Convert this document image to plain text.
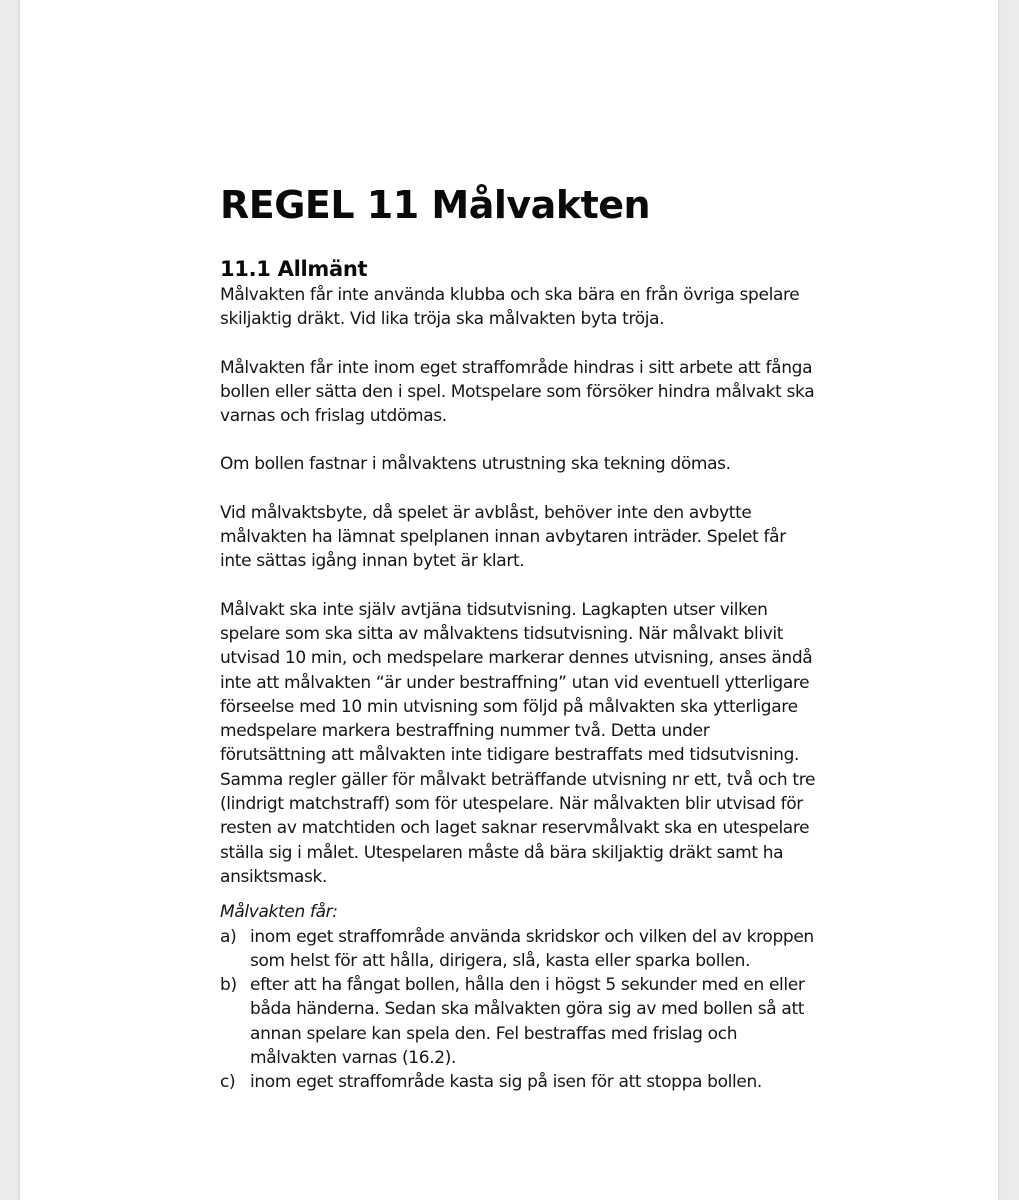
REGEL 11 Målvakten
11.1 Allmänt

Målvakten får inte använda klubba och ska bära en från övriga spelare skiljaktig dräkt. Vid lika tröja ska målvakten byta tröja.

Målvakten får inte inom eget straffområde hindras i sitt arbete att fånga bollen eller sätta den i spel. Motspelare som försöker hindra målvakt ska varnas och frislag utdömas.

Om bollen fastnar i målvaktens utrustning ska tekning dömas.

Vid målvaktsbyte, då spelet är avblåst, behöver inte den avbytte målvakten ha lämnat spelplanen innan avbytaren inträder. Spelet får inte sättas igång innan bytet är klart.

Målvakt ska inte själv avtjäna tidsutvisning. Lagkapten utser vilken spelare som ska sitta av målvaktens tidsutvisning. När målvakt blivit utvisad 10 min, och medspelare markerar dennes utvisning, anses ändå inte att målvakten “är under bestraffning” utan vid eventuell ytterligare förseelse med 10 min utvisning som följd på målvakten ska ytterligare medspelare markera bestraffning nummer två. Detta under förutsättning att målvakten inte tidigare bestraffats med tidsutvisning. Samma regler gäller för målvakt beträffande utvisning nr ett, två och tre (lindrigt matchstraff) som för utespelare. När målvakten blir utvisad för resten av matchtiden och laget saknar reservmålvakt ska en utespelare ställa sig i målet. Utespelaren måste då bära skiljaktig dräkt samt ha ansiktsmask.

Målvakten får:

a) inom eget straffområde använda skridskor och vilken del av kroppen som helst för att hålla, dirigera, slå, kasta eller sparka bollen.
b) efter att ha fångat bollen, hålla den i högst 5 sekunder med en eller båda händerna. Sedan ska målvakten göra sig av med bollen så att annan spelare kan spela den. Fel bestraffas med frislag och målvakten varnas (16.2).
c) inom eget straffområde kasta sig på isen för att stoppa bollen.
